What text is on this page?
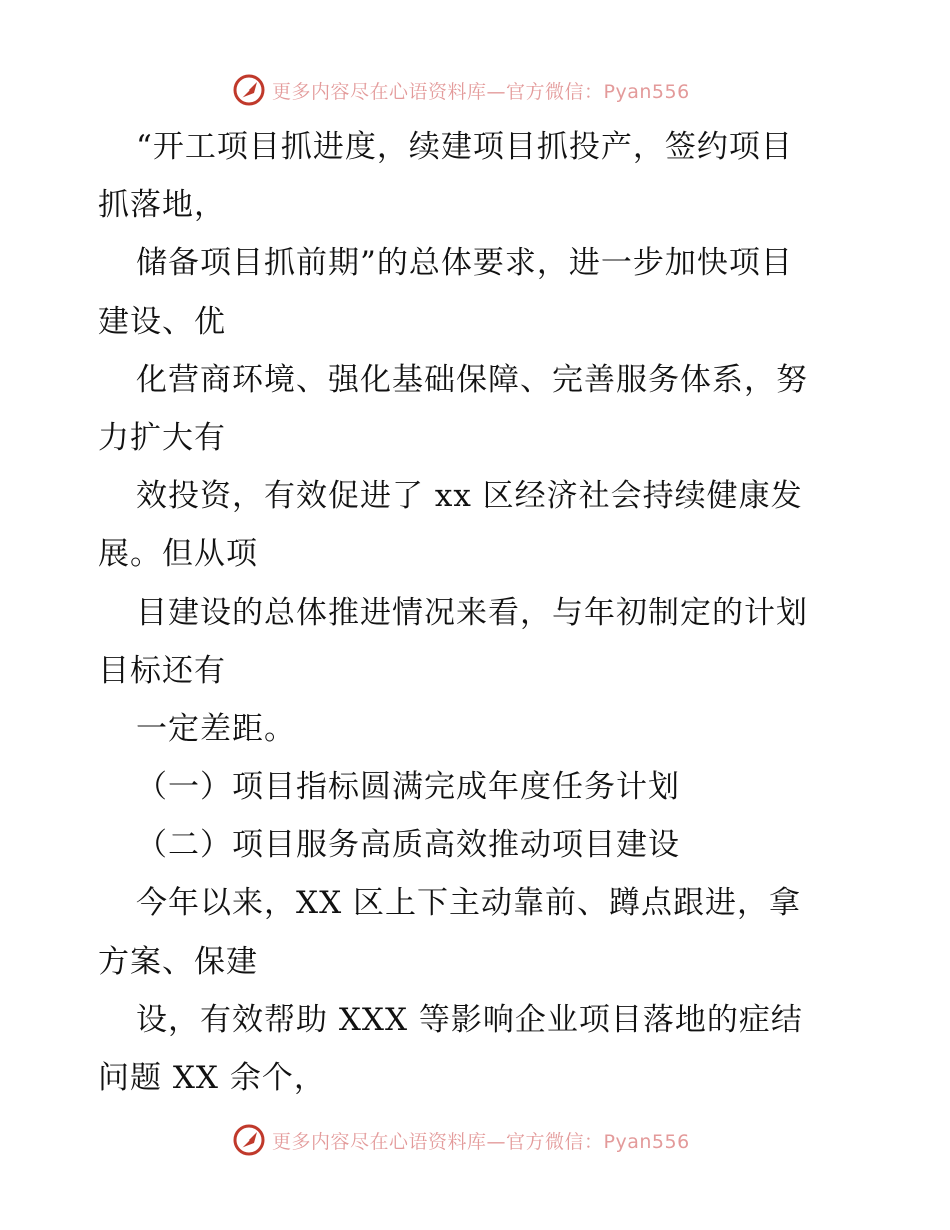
更多内容尽在心语资料库—官方微信：Pyan556
“开工项目抓进度，续建项目抓投产，签约项目
抓落地，
储备项目抓前期”的总体要求，进一步加快项目
建设、优
化营商环境、强化基础保障、完善服务体系，努
力扩大有
效投资，有效促进了 xx 区经济社会持续健康发
展。但从项
目建设的总体推进情况来看，与年初制定的计划
目标还有
一定差距。
（一）项目指标圆满完成年度任务计划
（二）项目服务高质高效推动项目建设
今年以来，XX 区上下主动靠前、蹲点跟进，拿
方案、保建
设，有效帮助 XXX 等影响企业项目落地的症结
问题 XX 余个，
更多内容尽在心语资料库—官方微信：Pyan556
